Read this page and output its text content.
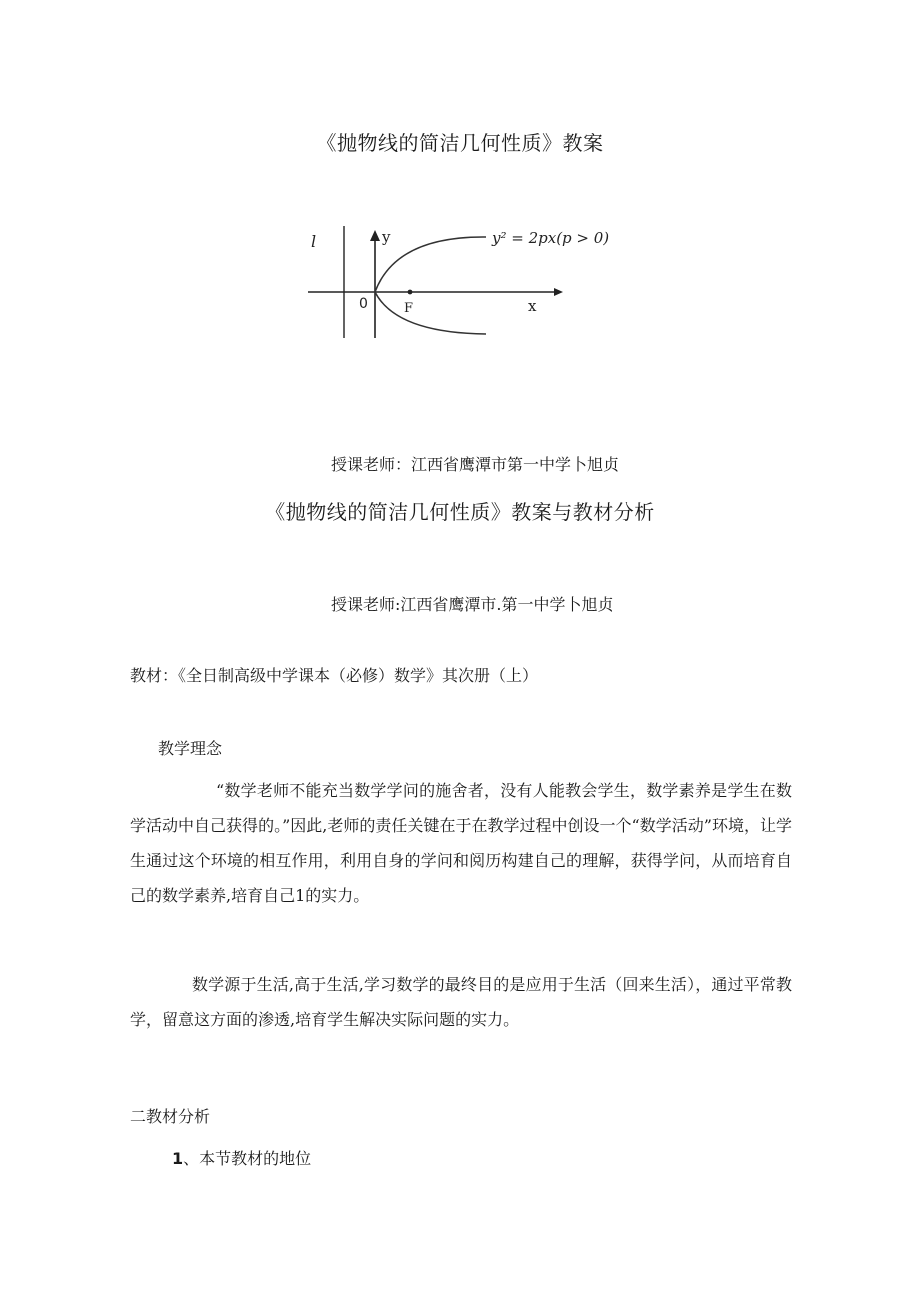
《抛物线的简洁几何性质》教案
l	y
x
0	F
y² = 2px(p > 0)
授课老师：江西省鹰潭市第一中学卜旭贞
《抛物线的简洁几何性质》教案与教材分析
授课老师:江西省鹰潭市.第一中学卜旭贞
教材：《全日制高级中学课本（必修）数学》其次册（上）
教学理念
“数学老师不能充当数学学问的施舍者，没有人能教会学生，数学素养是学生在数学活动中自己获得的。”因此,老师的责任关键在于在教学过程中创设一个“数学活动”环境，让学生通过这个环境的相互作用，利用自身的学问和阅历构建自己的理解，获得学问，从而培育自己的数学素养,培育自己1的实力。
数学源于生活,高于生活,学习数学的最终目的是应用于生活（回来生活），通过平常教学，留意这方面的渗透,培育学生解决实际问题的实力。
二教材分析
1、本节教材的地位
